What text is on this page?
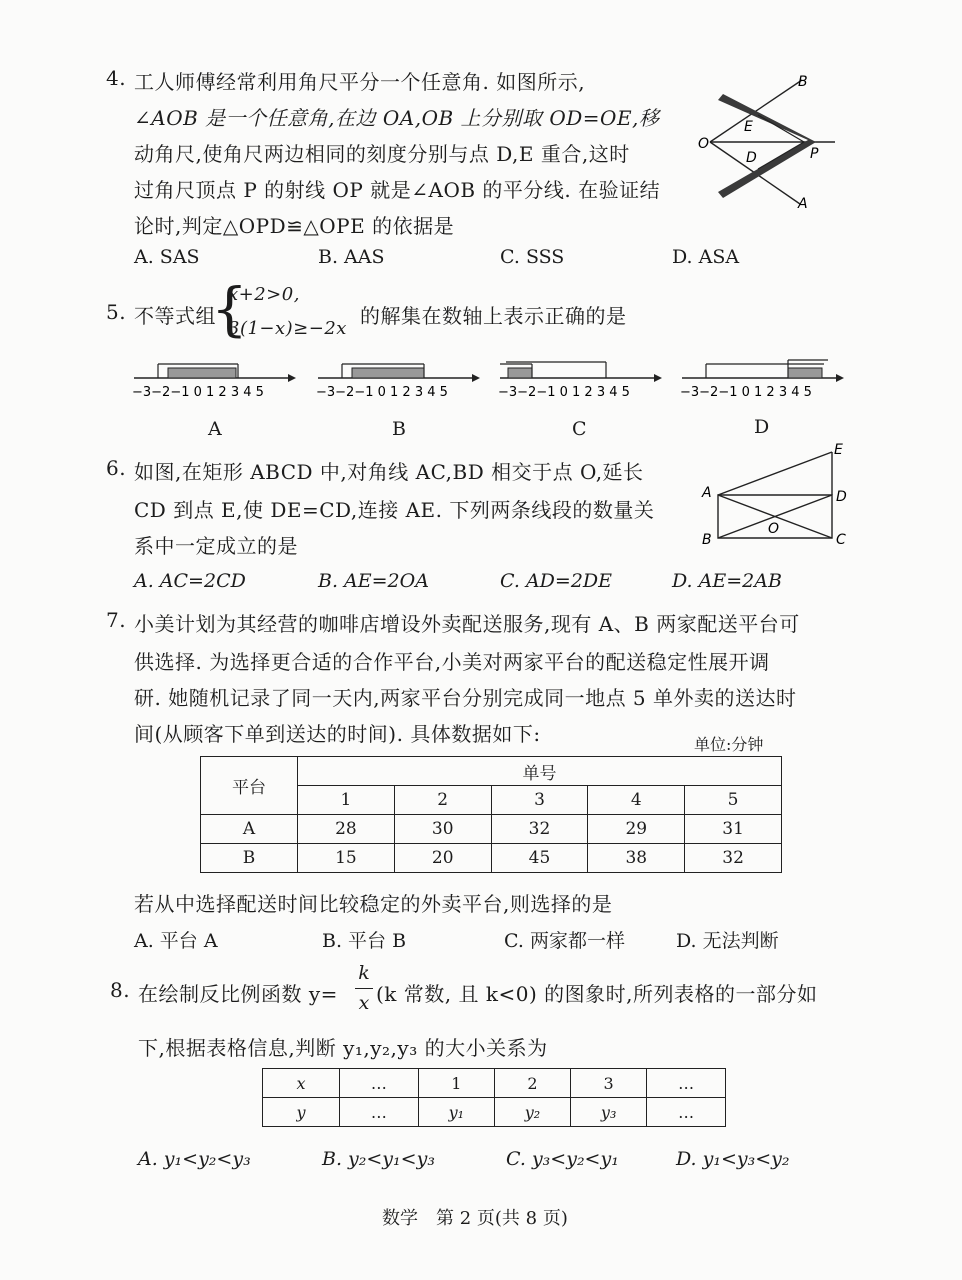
4. 工人师傅经常利用角尺平分一个任意角. 如图所示,
∠AOB 是一个任意角,在边 OA,OB 上分别取 OD=OE,移
动角尺,使角尺两边相同的刻度分别与点 D,E 重合,这时
过角尺顶点 P 的射线 OP 就是∠AOB 的平分线. 在验证结
论时,判定△OPD≌△OPE 的依据是
B
E
O
D	P
A
A. SAS	B. AAS	C. SSS	D. ASA
5. 不等式组
{
x+2>0,
3(1−x)≥−2x
的解集在数轴上表示正确的是
−3−2−1 0 1 2 3 4 5
A
−3−2−1 0 1 2 3 4 5
B
−3−2−1 0 1 2 3 4 5
C
−3−2−1 0 1 2 3 4 5
D
6. 如图,在矩形 ABCD 中,对角线 AC,BD 相交于点 O,延长
CD 到点 E,使 DE=CD,连接 AE. 下列两条线段的数量关
系中一定成立的是
E
A	D
O
B	C
A. AC=2CD	B. AE=2OA	C. AD=2DE	D. AE=2AB
7. 小美计划为其经营的咖啡店增设外卖配送服务,现有 A、B 两家配送平台可
供选择. 为选择更合适的合作平台,小美对两家平台的配送稳定性展开调
研. 她随机记录了同一天内,两家平台分别完成同一地点 5 单外卖的送达时
间(从顾客下单到送达的时间). 具体数据如下:	单位:分钟
平台	单号				
	1	2	3	4	5
A	28	30	32	29	31
B	15	20	45	38	32
若从中选择配送时间比较稳定的外卖平台,则选择的是
A. 平台 A	B. 平台 B	C. 两家都一样	D. 无法判断
8. 在绘制反比例函数 y=
k
x (k 常数, 且 k<0) 的图象时,所列表格的一部分如
下,根据表格信息,判断 y₁,y₂,y₃ 的大小关系为
x	…	1	2	3	…
y	…	y₁	y₂	y₃	…
A. y₁<y₂<y₃	B. y₂<y₁<y₃	C. y₃<y₂<y₁	D. y₁<y₃<y₂
数学　第 2 页(共 8 页)
